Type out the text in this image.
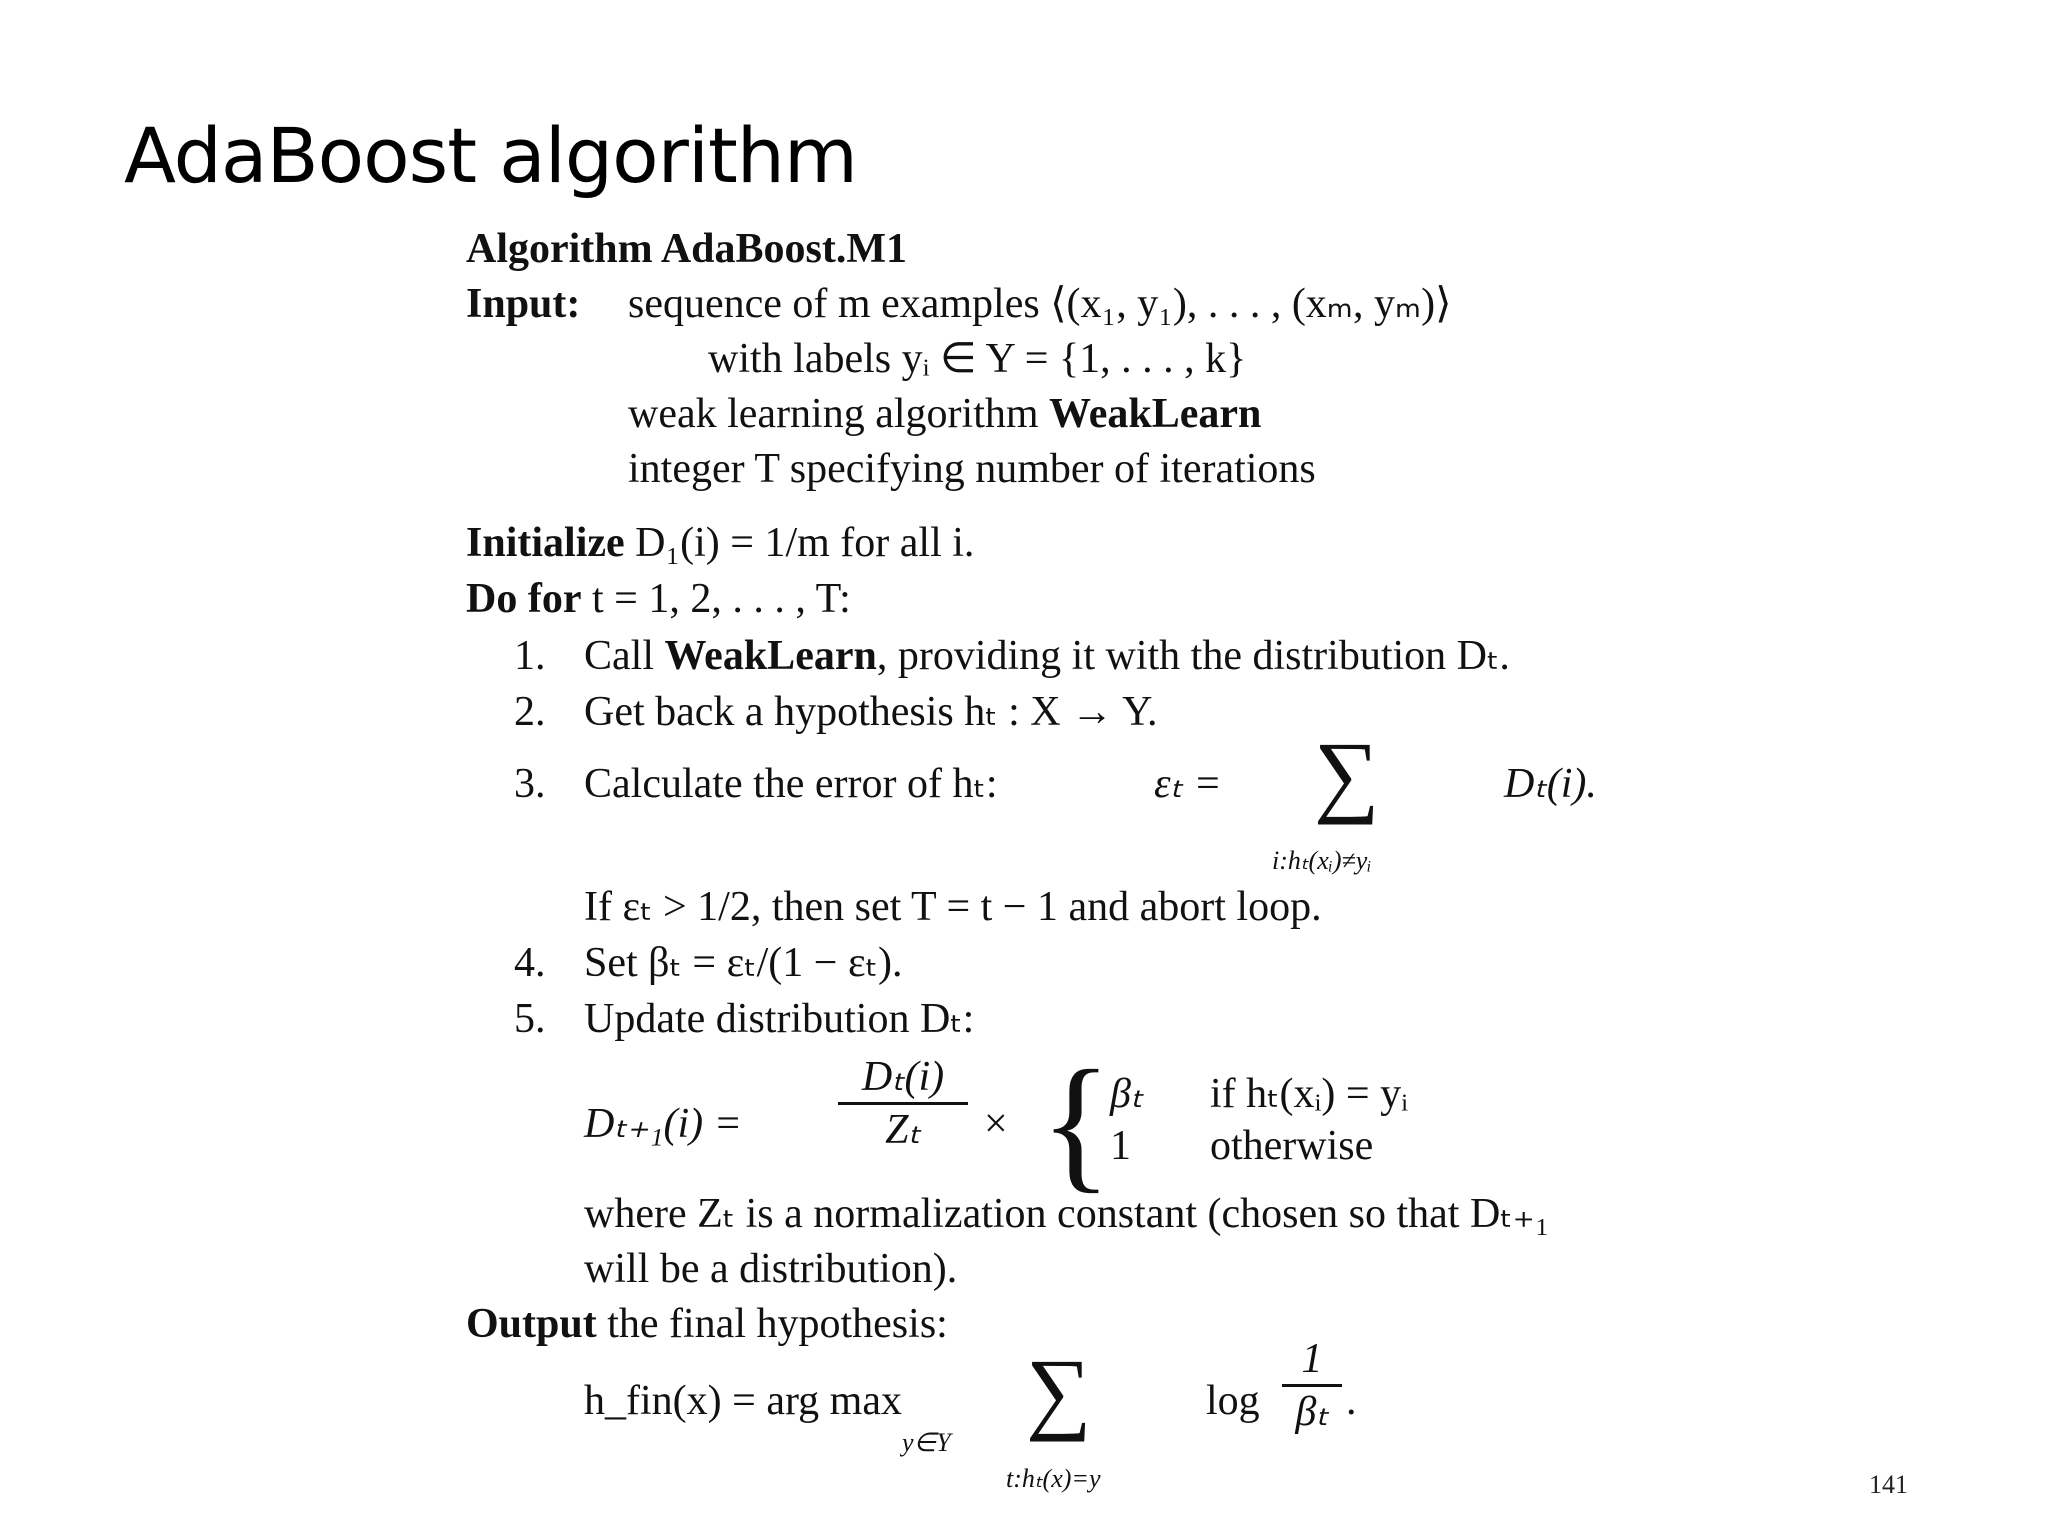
AdaBoost algorithm
Algorithm AdaBoost.M1
Input: sequence of m examples ⟨(x₁, y₁), . . . , (xₘ, yₘ)⟩
with labels yᵢ ∈ Y = {1, . . . , k}
weak learning algorithm WeakLearn
integer T specifying number of iterations
Initialize D₁(i) = 1/m for all i.
Do for t = 1, 2, . . . , T:
1. Call WeakLearn, providing it with the distribution Dₜ.
2. Get back a hypothesis hₜ : X → Y.
3. Calculate the error of hₜ:	εₜ = ∑
i:hₜ(xᵢ)≠yᵢ
Dₜ(i).
If εₜ > 1/2, then set T = t − 1 and abort loop.
4. Set βₜ = εₜ/(1 − εₜ).
5. Update distribution Dₜ:
Dₜ₊₁(i) =
Dₜ(i)
Zₜ	× {
βₜ if hₜ(xᵢ) = yᵢ
1 otherwise
where Zₜ is a normalization constant (chosen so that Dₜ₊₁
will be a distribution).
Output the final hypothesis:
h_fin(x) = arg max
y∈Y
∑
t:hₜ(x)=y
log
1
βₜ .
141
